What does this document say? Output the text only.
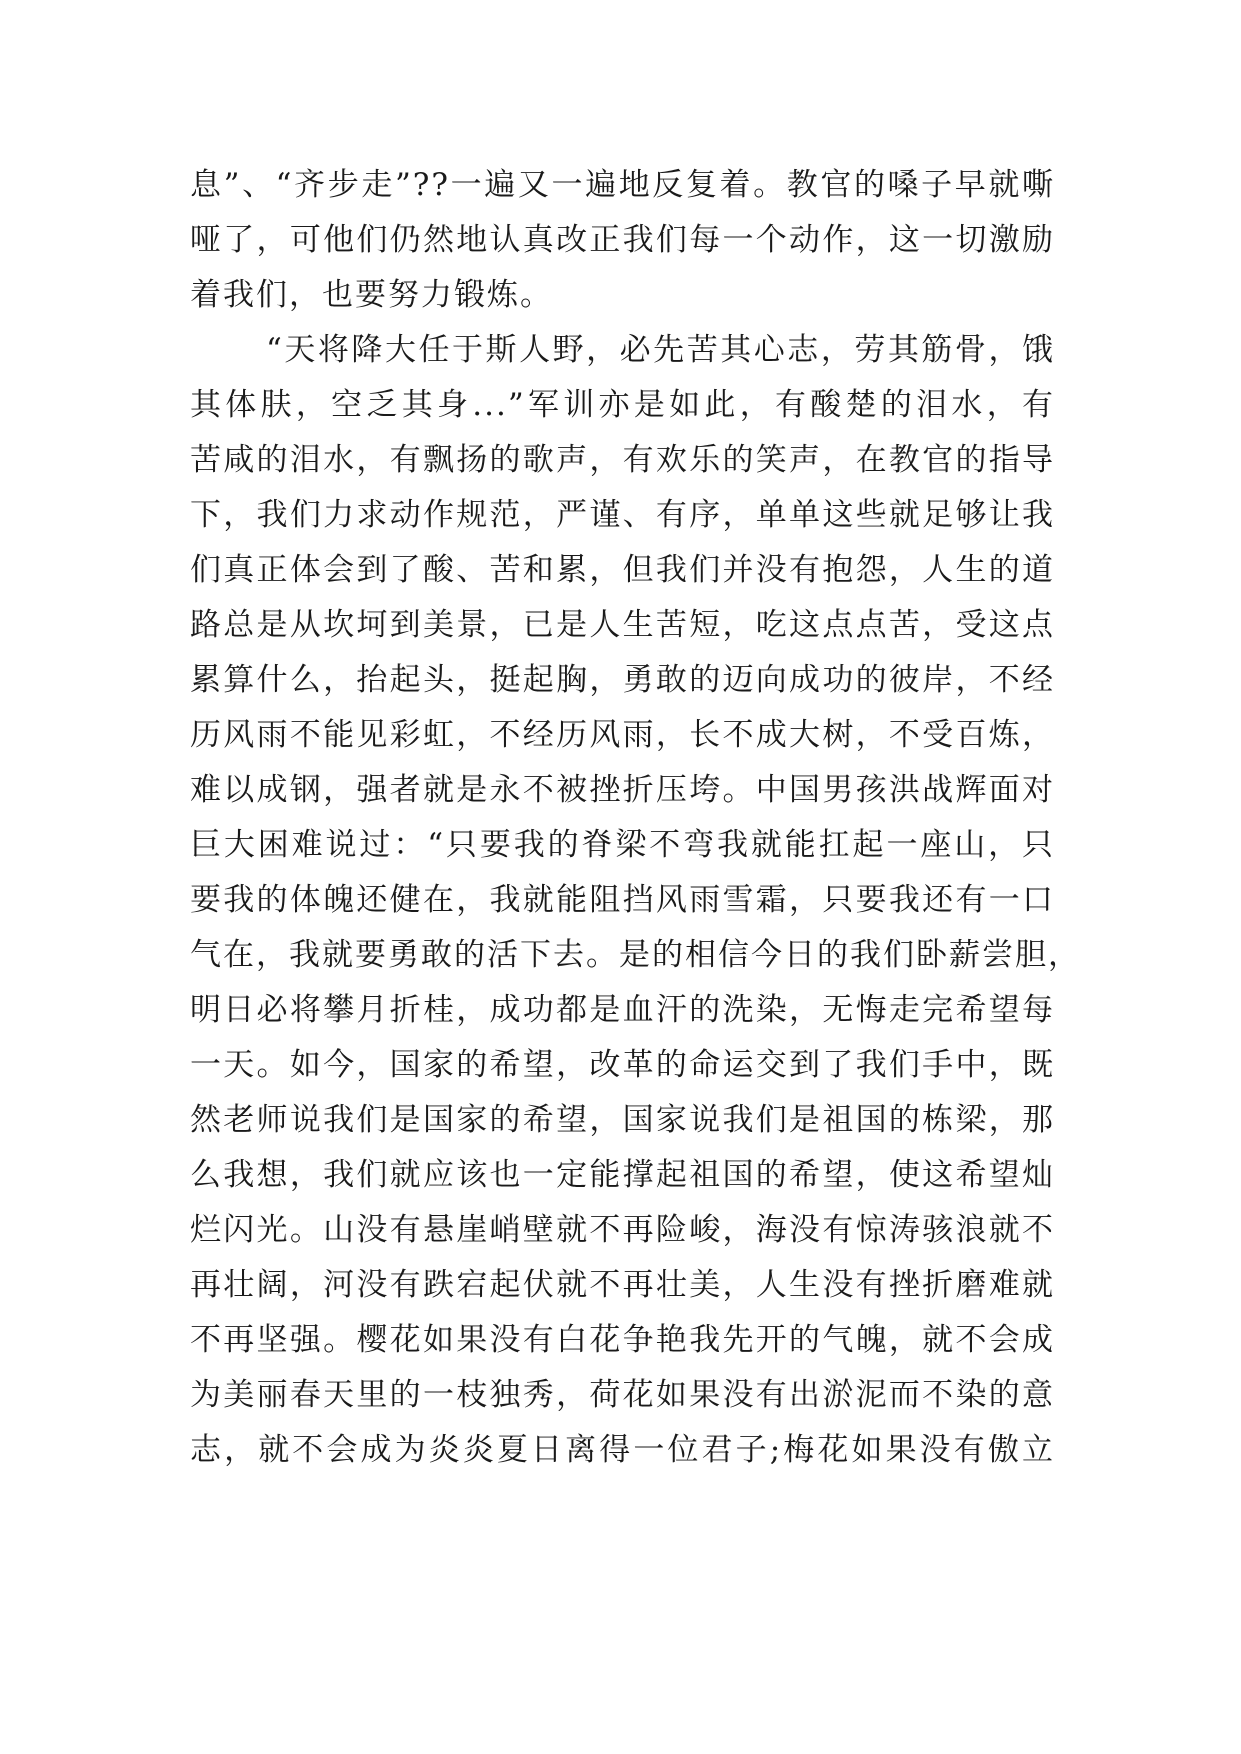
息”、“齐步走”??一遍又一遍地反复着。教官的嗓子早就嘶
哑了，可他们仍然地认真改正我们每一个动作，这一切激励
着我们，也要努力锻炼。
“天将降大任于斯人野，必先苦其心志，劳其筋骨，饿
其体肤，空乏其身...”军训亦是如此，有酸楚的泪水，有
苦咸的泪水，有飘扬的歌声，有欢乐的笑声，在教官的指导
下，我们力求动作规范，严谨、有序，单单这些就足够让我
们真正体会到了酸、苦和累，但我们并没有抱怨，人生的道
路总是从坎坷到美景，已是人生苦短，吃这点点苦，受这点
累算什么，抬起头，挺起胸，勇敢的迈向成功的彼岸，不经
历风雨不能见彩虹，不经历风雨，长不成大树，不受百炼，
难以成钢，强者就是永不被挫折压垮。中国男孩洪战辉面对
巨大困难说过：“只要我的脊梁不弯我就能扛起一座山，只
要我的体魄还健在，我就能阻挡风雨雪霜，只要我还有一口
气在，我就要勇敢的活下去。是的相信今日的我们卧薪尝胆，
明日必将攀月折桂，成功都是血汗的洗染，无悔走完希望每
一天。如今，国家的希望，改革的命运交到了我们手中，既
然老师说我们是国家的希望，国家说我们是祖国的栋梁，那
么我想，我们就应该也一定能撑起祖国的希望，使这希望灿
烂闪光。山没有悬崖峭壁就不再险峻，海没有惊涛骇浪就不
再壮阔，河没有跌宕起伏就不再壮美，人生没有挫折磨难就
不再坚强。樱花如果没有白花争艳我先开的气魄，就不会成
为美丽春天里的一枝独秀，荷花如果没有出淤泥而不染的意
志，就不会成为炎炎夏日离得一位君子;梅花如果没有傲立
